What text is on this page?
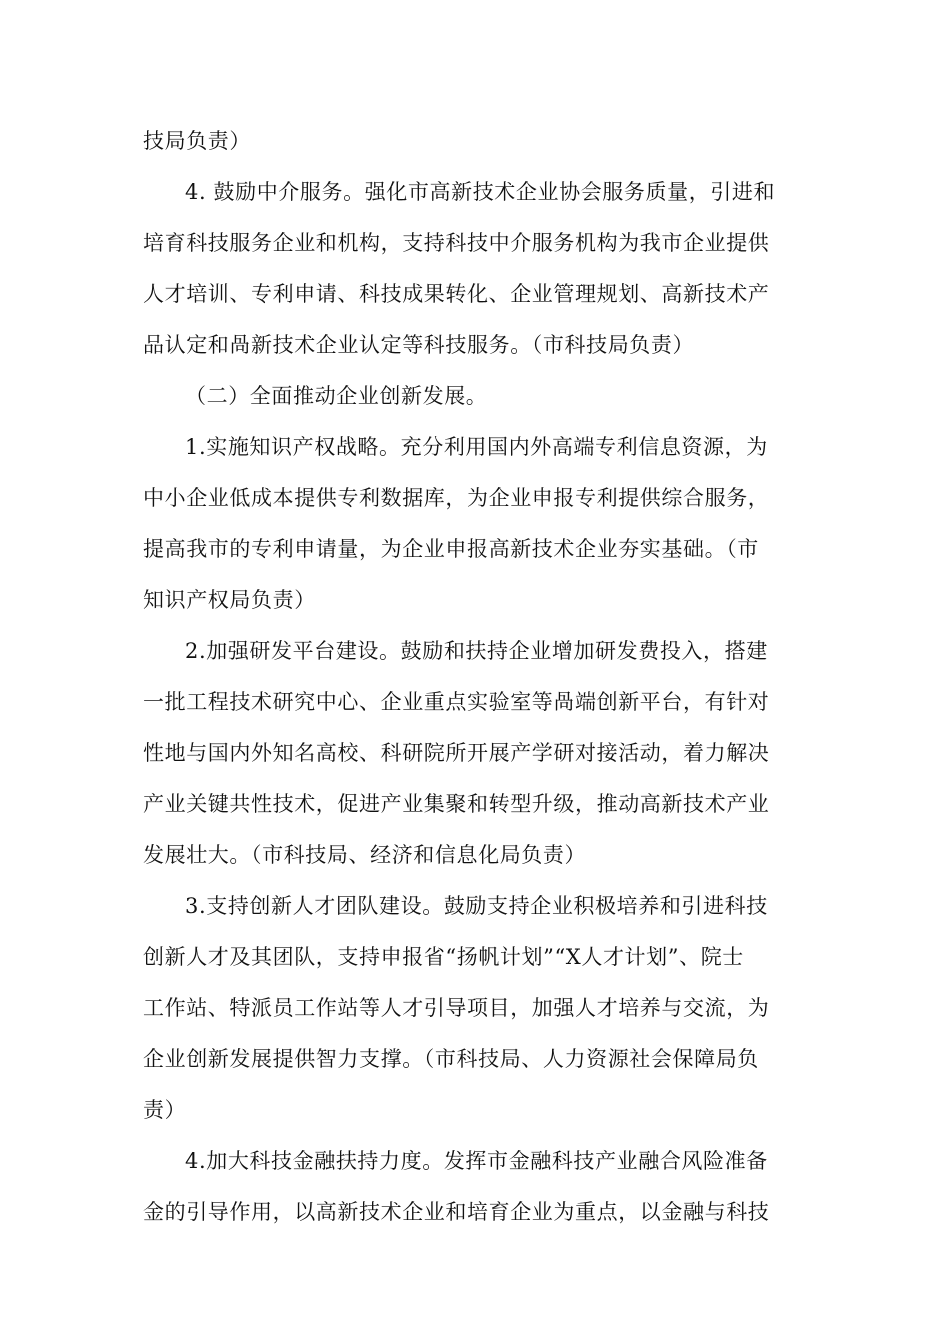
技局负责）
4. 鼓励中介服务。强化市高新技术企业协会服务质量，引进和
培育科技服务企业和机构，支持科技中介服务机构为我市企业提供
人才培训、专利申请、科技成果转化、企业管理规划、高新技术产
品认定和咼新技术企业认定等科技服务。（市科技局负责）
（二）全面推动企业创新发展。
1.实施知识产权战略。充分利用国内外高端专利信息资源，为
中小企业低成本提供专利数据库，为企业申报专利提供综合服务，
提高我市的专利申请量，为企业申报高新技术企业夯实基础。（市
知识产权局负责）
2.加强研发平台建设。鼓励和扶持企业增加研发费投入，搭建
一批工程技术研究中心、企业重点实验室等咼端创新平台，有针对
性地与国内外知名高校、科研院所开展产学研对接活动，着力解决
产业关键共性技术，促进产业集聚和转型升级，推动高新技术产业
发展壮大。（市科技局、经济和信息化局负责）
3.支持创新人才团队建设。鼓励支持企业积极培养和引进科技
创新人才及其团队，支持申报省“扬帆计划”“X人才计划”、院士
工作站、特派员工作站等人才引导项目，加强人才培养与交流，为
企业创新发展提供智力支撑。（市科技局、人力资源社会保障局负
责）
4.加大科技金融扶持力度。发挥市金融科技产业融合风险准备
金的引导作用，以高新技术企业和培育企业为重点，以金融与科技
